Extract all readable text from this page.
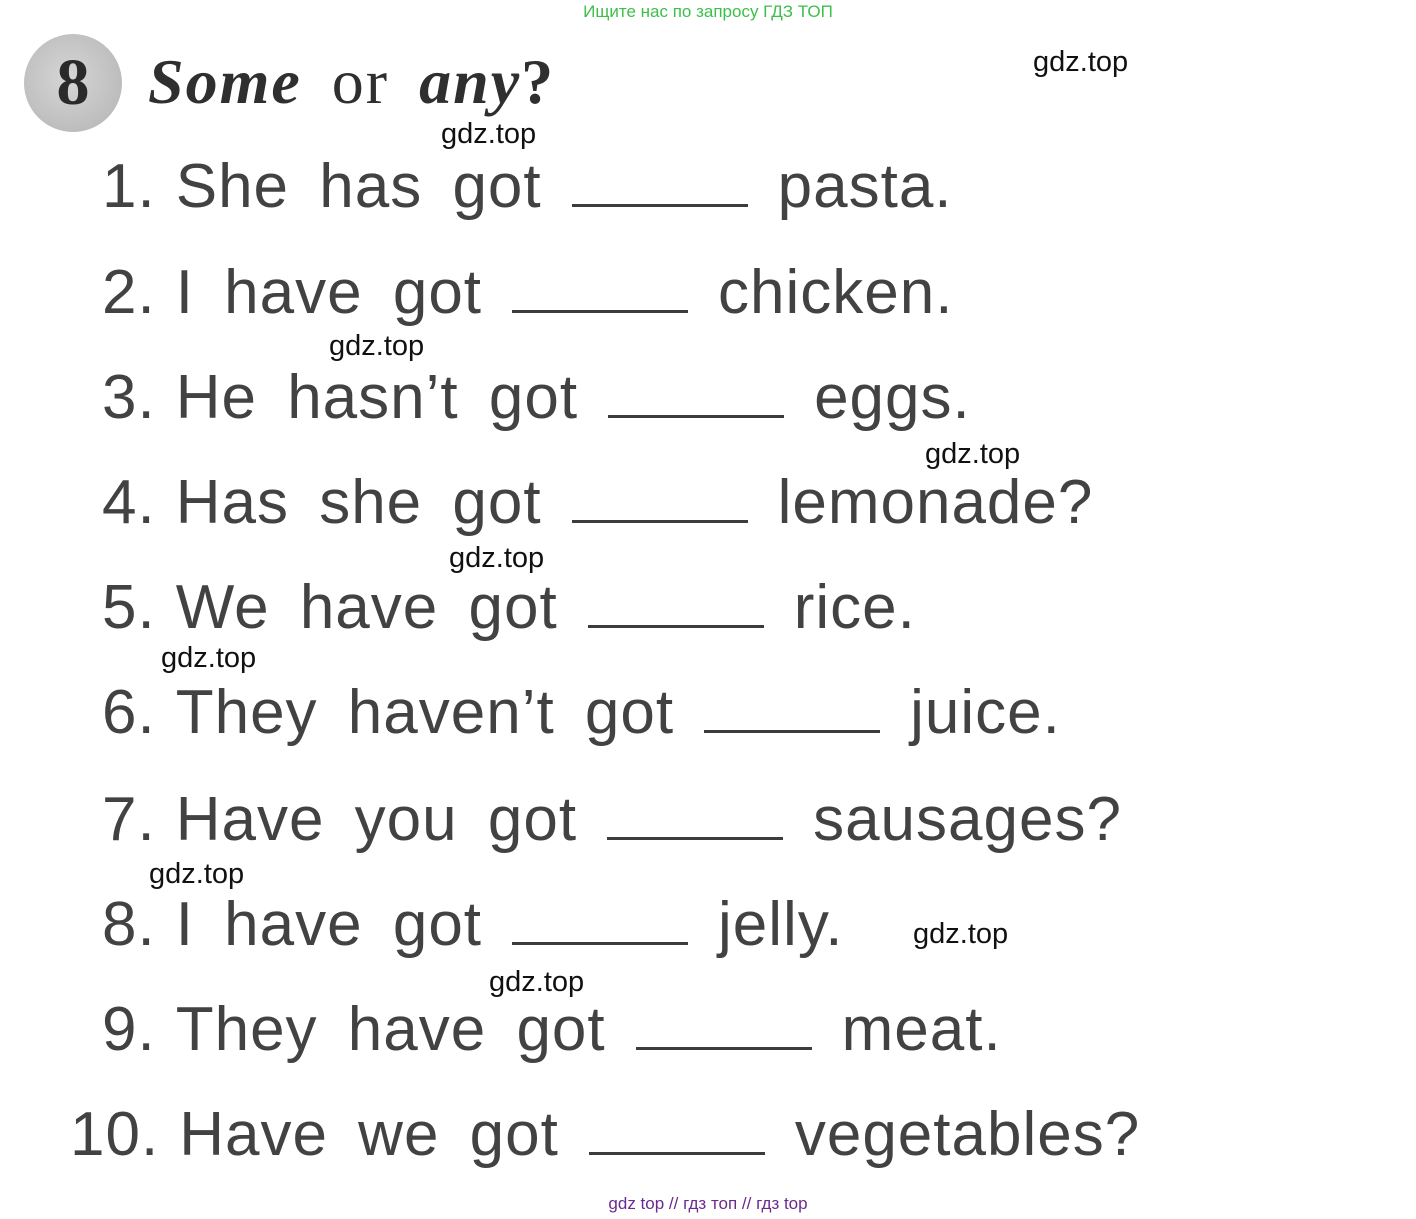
Ищите нас по запросу ГДЗ ТОП
8 Some or any?
1. She has got	pasta.
2. I have got	chicken.
3. He hasn’t got	eggs.
4. Has she got	lemonade?
5. We have got	rice.
6. They haven’t got	juice.
7. Have you got	sausages?
8. I have got	jelly.
9. They have got	meat.
10. Have we got	vegetables?
gdz.top
gdz.top
gdz.top
gdz.top
gdz.top
gdz.top
gdz.top
gdz.top
gdz.top
gdz top // гдз топ // гдз top
